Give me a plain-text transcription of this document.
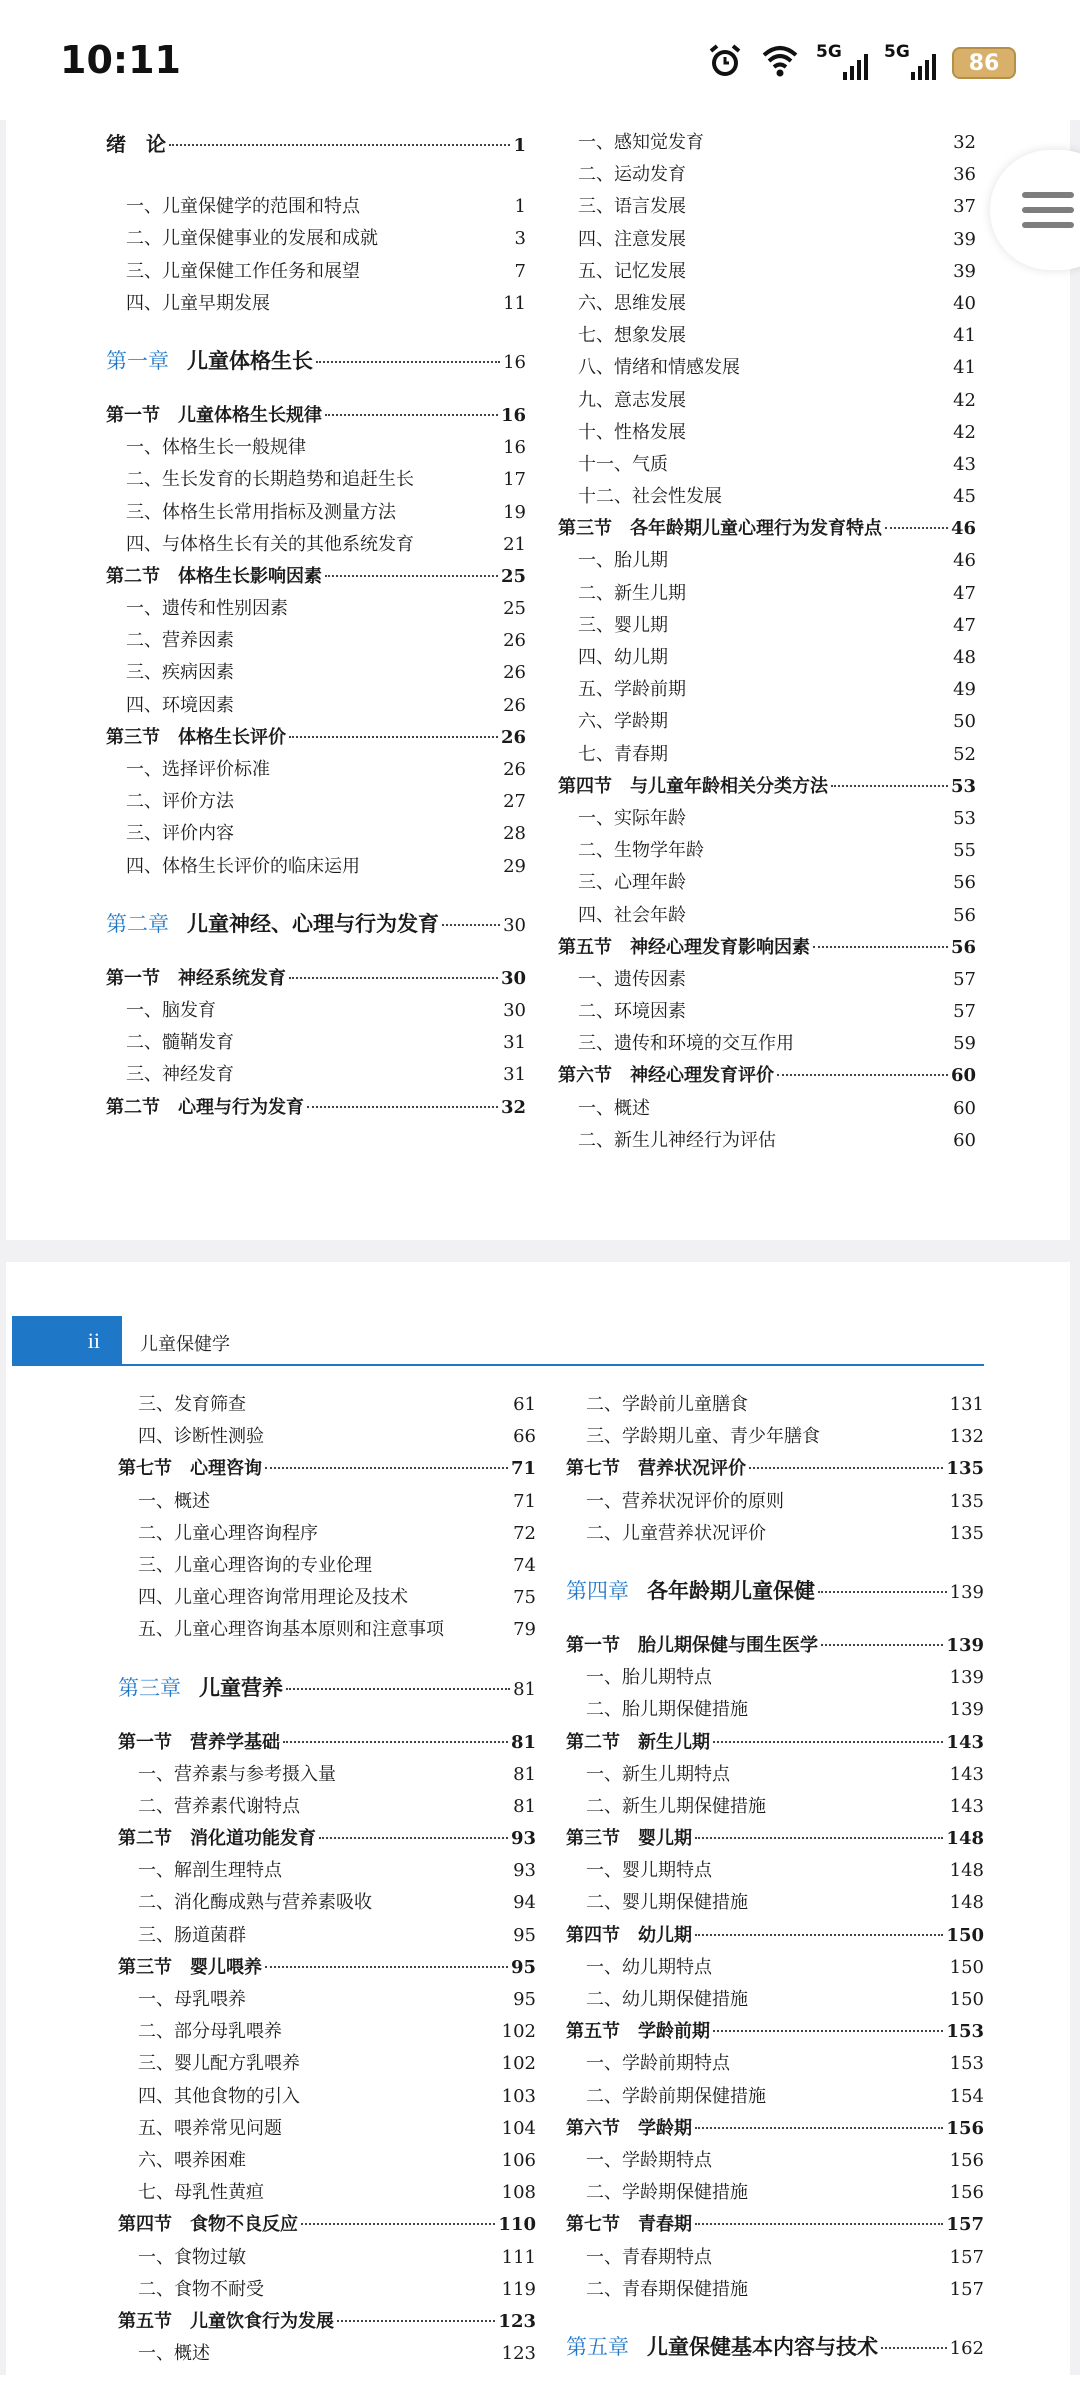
10:11	5G 5G	86
绪　论	1
一、儿童保健学的范围和特点	1
二、儿童保健事业的发展和成就	3
三、儿童保健工作任务和展望	7
四、儿童早期发展	11
第一章 儿童体格生长	16
第一节　儿童体格生长规律	16
一、体格生长一般规律	16
二、生长发育的长期趋势和追赶生长	17
三、体格生长常用指标及测量方法	19
四、与体格生长有关的其他系统发育	21
第二节　体格生长影响因素	25
一、遗传和性别因素	25
二、营养因素	26
三、疾病因素	26
四、环境因素	26
第三节　体格生长评价	26
一、选择评价标准	26
二、评价方法	27
三、评价内容	28
四、体格生长评价的临床运用	29
第二章 儿童神经、心理与行为发育	30
第一节　神经系统发育	30
一、脑发育	30
二、髓鞘发育	31
三、神经发育	31
第二节　心理与行为发育	32
一、感知觉发育	32
二、运动发育	36
三、语言发展	37
四、注意发展	39
五、记忆发展	39
六、思维发展	40
七、想象发展	41
八、情绪和情感发展	41
九、意志发展	42
十、性格发展	42
十一、气质	43
十二、社会性发展	45
第三节　各年龄期儿童心理行为发育特点	46
一、胎儿期	46
二、新生儿期	47
三、婴儿期	47
四、幼儿期	48
五、学龄前期	49
六、学龄期	50
七、青春期	52
第四节　与儿童年龄相关分类方法	53
一、实际年龄	53
二、生物学年龄	55
三、心理年龄	56
四、社会年龄	56
第五节　神经心理发育影响因素	56
一、遗传因素	57
二、环境因素	57
三、遗传和环境的交互作用	59
第六节　神经心理发育评价	60
一、概述	60
二、新生儿神经行为评估	60
三、发育筛查	61
四、诊断性测验	66
第七节　心理咨询	71
一、概述	71
二、儿童心理咨询程序	72
三、儿童心理咨询的专业伦理	74
四、儿童心理咨询常用理论及技术	75
五、儿童心理咨询基本原则和注意事项	79
第三章 儿童营养	81
第一节　营养学基础	81
一、营养素与参考摄入量	81
二、营养素代谢特点	81
第二节　消化道功能发育	93
一、解剖生理特点	93
二、消化酶成熟与营养素吸收	94
三、肠道菌群	95
第三节　婴儿喂养	95
一、母乳喂养	95
二、部分母乳喂养	102
三、婴儿配方乳喂养	102
四、其他食物的引入	103
五、喂养常见问题	104
六、喂养困难	106
七、母乳性黄疸	108
第四节　食物不良反应	110
一、食物过敏	111
二、食物不耐受	119
第五节　儿童饮食行为发展	123
一、概述	123
二、学龄前儿童膳食	131
三、学龄期儿童、青少年膳食	132
第七节　营养状况评价	135
一、营养状况评价的原则	135
二、儿童营养状况评价	135
第四章 各年龄期儿童保健	139
第一节　胎儿期保健与围生医学	139
一、胎儿期特点	139
二、胎儿期保健措施	139
第二节　新生儿期	143
一、新生儿期特点	143
二、新生儿期保健措施	143
第三节　婴儿期	148
一、婴儿期特点	148
二、婴儿期保健措施	148
第四节　幼儿期	150
一、幼儿期特点	150
二、幼儿期保健措施	150
第五节　学龄前期	153
一、学龄前期特点	153
二、学龄前期保健措施	154
第六节　学龄期	156
一、学龄期特点	156
二、学龄期保健措施	156
第七节　青春期	157
一、青春期特点	157
二、青春期保健措施	157
第五章 儿童保健基本内容与技术	162
ii	儿童保健学
